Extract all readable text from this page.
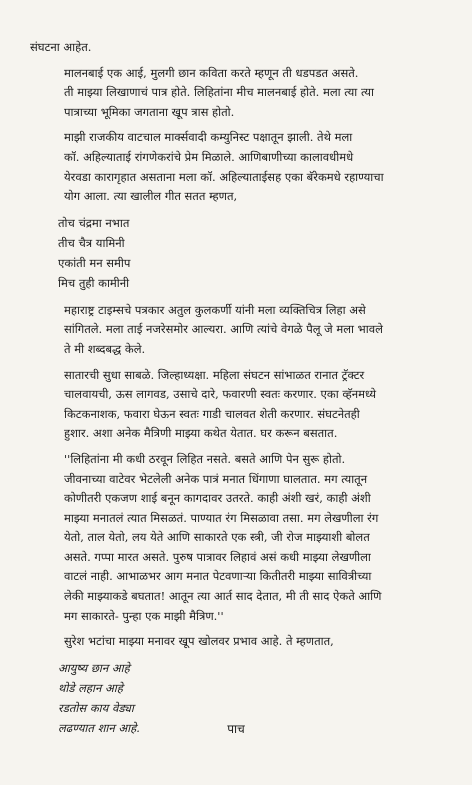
संघटना आहेत.

मालनबाई एक आई, मुलगी छान कविता करते म्हणून ती धडपडत असते.
ती माझ्या लिखाणाचं पात्र होते. लिहितांना मीच मालनबाई होते. मला त्या त्या
पात्राच्या भूमिका जगताना खूप त्रास होतो.

माझी राजकीय वाटचाल मार्क्सवादी कम्युनिस्ट पक्षातून झाली. तेथे मला
कॉ. अहिल्याताई रांगणेकरांचे प्रेम मिळाले. आणिबाणीच्या कालावधीमधे
येरवडा कारागृहात असताना मला कॉ. अहिल्याताईसह एका बॅरेकमधे रहाण्याचा
योग आला. त्या खालील गीत सतत म्हणत,

तोच चंद्रमा नभात
तीच चैत्र यामिनी
एकांती मन समीप
मिच तुही कामीनी

महाराष्ट्र टाइम्सचे पत्रकार अतुल कुलकर्णी यांनी मला व्यक्तिचित्र लिहा असे
सांगितले. मला ताई नजरेसमोर आल्यरा. आणि त्यांचे वेगळे पैलू जे मला भावले
ते मी शब्दबद्ध केले.

सातारची सुधा साबळे. जिल्हाध्यक्षा. महिला संघटन सांभाळत रानात ट्रॅक्टर
चालवायची, ऊस लागवड, उसाचे दारे, फवारणी स्वतः करणार. एका व्हॅनमध्ये
किटकनाशक, फवारा घेऊन स्वतः गाडी चालवत शेती करणार. संघटनेतही
हुशार. अशा अनेक मैत्रिणी माझ्या कथेत येतात. घर करून बसतात.

''लिहितांना मी कधी ठरवून लिहित नसते. बसते आणि पेन सुरू होतो.
जीवनाच्या वाटेवर भेटलेली अनेक पात्रं मनात धिंगाणा घालतात. मग त्यातून
कोणीतरी एकजण शाई बनून कागदावर उतरते. काही अंशी खरं, काही अंशी
माझ्या मनातलं त्यात मिसळतं. पाण्यात रंग मिसळावा तसा. मग लेखणीला रंग
येतो, ताल येतो, लय येते आणि साकारते एक स्त्री, जी रोज माझ्याशी बोलत
असते. गप्पा मारत असते. पुरुष पात्रावर लिहावं असं कधी माझ्या लेखणीला
वाटलं नाही. आभाळभर आग मनात पेटवणाऱ्या कितीतरी माझ्या सावित्रीच्या
लेकी माझ्याकडे बघतात! आतून त्या आर्त साद देतात, मी ती साद ऐकते आणि
मग साकारते- पुन्हा एक माझी मैत्रिण.''

सुरेश भटांचा माझ्या मनावर खूप खोलवर प्रभाव आहे. ते म्हणतात,

आयुष्य छान आहे
थोडे लहान आहे
रडतोस काय वेड्या
लढण्यात शान आहे.	पाच
